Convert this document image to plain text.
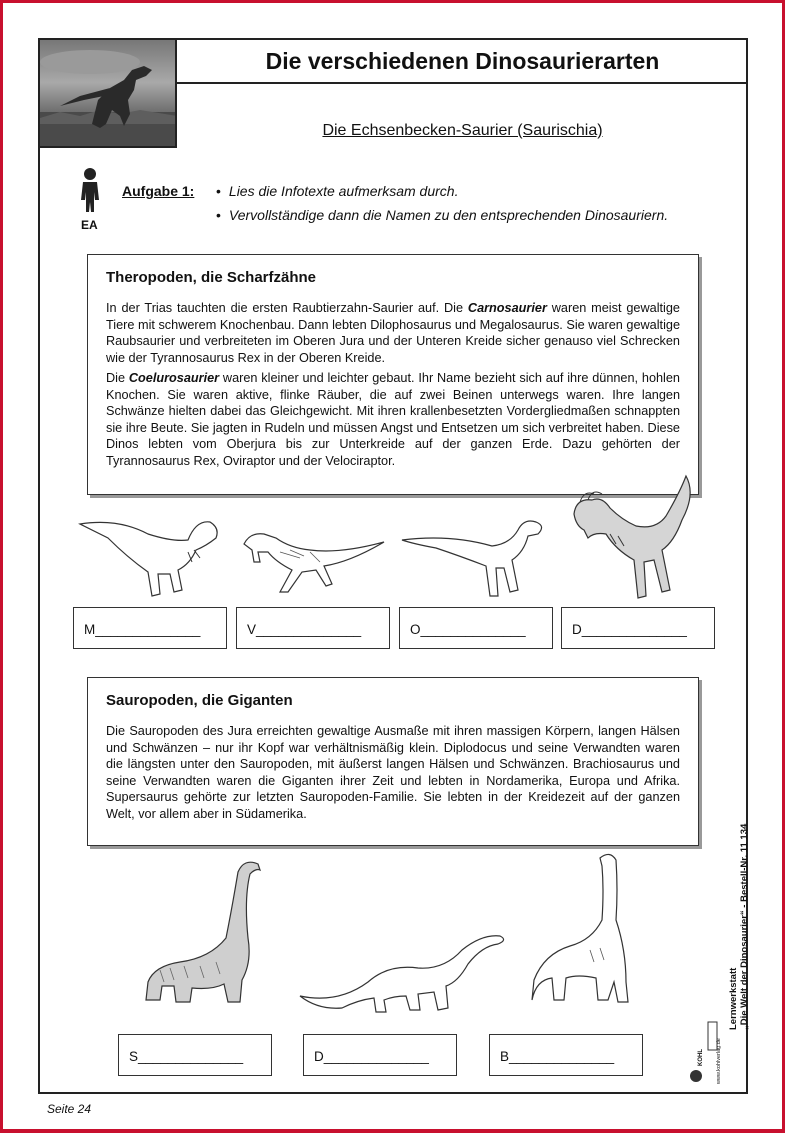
Die verschiedenen Dinosaurierarten
Die Echsenbecken-Saurier (Saurischia)
EA
Aufgabe 1:
•	Lies die Infotexte aufmerksam durch.
• Vervollständige dann die Namen zu den entsprechenden Dinosauriern.
Theropoden, die Scharfzähne

In der Trias tauchten die ersten Raubtierzahn-Saurier auf. Die Carnosaurier waren meist gewaltige Tiere mit schwerem Knochenbau. Dann lebten Dilophosaurus und Megalosaurus. Sie waren gewaltige Raubsaurier und verbreiteten im Oberen Jura und der Unteren Kreide sicher genauso viel Schrecken wie der Tyrannosaurus Rex in der Oberen Kreide.

Die Coelurosaurier waren kleiner und leichter gebaut. Ihr Name bezieht sich auf ihre dünnen, hohlen Knochen. Sie waren aktive, flinke Räuber, die auf zwei Beinen unterwegs waren. Ihre langen Schwänze hielten dabei das Gleichgewicht. Mit ihren krallenbesetzten Vordergliedmaßen schnappten sie ihre Beute. Sie jagten in Rudeln und müssen Angst und Entsetzen um sich verbreitet haben. Diese Dinos lebten vom Oberjura bis zur Unterkreide auf der ganzen Erde. Dazu gehörten der Tyrannosaurus Rex, Oviraptor und der Velociraptor.

M______________	V______________	O______________	D______________
Sauropoden, die Giganten

Die Sauropoden des Jura erreichten gewaltige Ausmaße mit ihren massigen Körpern, langen Hälsen und Schwänzen – nur ihr Kopf war verhältnismäßig klein. Diplodocus und seine Verwandten waren die längsten unter den Sauropoden, mit äußerst langen Hälsen und Schwänzen. Brachiosaurus und seine Verwandten waren die Giganten ihrer Zeit und lebten in Nordamerika, Europa und Afrika. Supersaurus gehörte zur letzten Sauropoden-Familie. Sie lebten in der Kreidezeit auf der ganzen Welt, vor allem aber in Südamerika.

S______________	D______________	B______________
Lernwerkstatt
„Die Welt der Dinosaurier“ - Bestell-Nr. 11 134
KOHL www.kohlverlag.de
Seite 24
